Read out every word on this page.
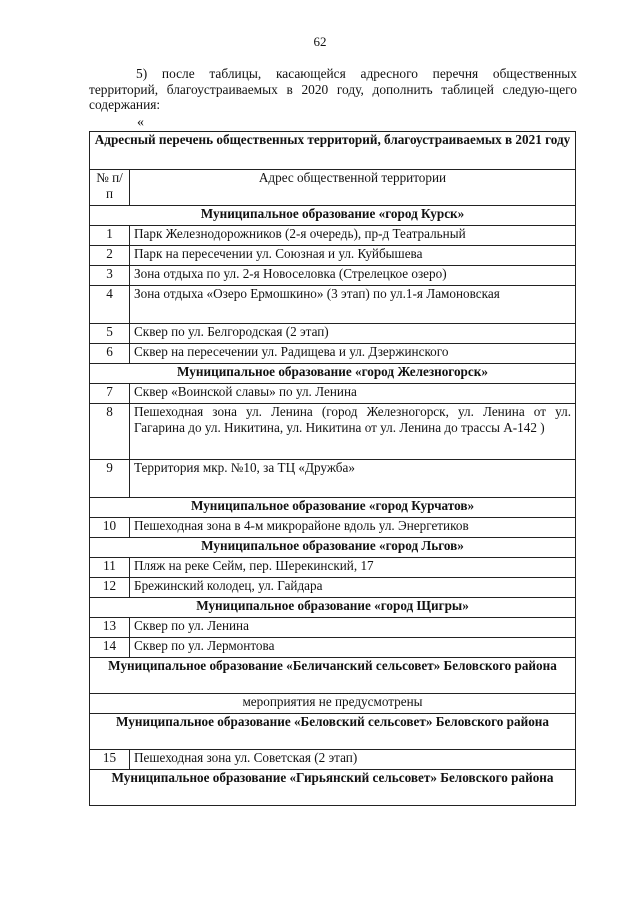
62

5) после таблицы, касающейся адресного перечня общественных территорий, благоустраиваемых в 2020 году, дополнить таблицей следую-щего содержания:

«
Адресный перечень общественных территорий, благоустраиваемых в 2021 году	
№ п/п	Адрес общественной территории
Муниципальное образование «город Курск»	
1	Парк Железнодорожников (2-я очередь), пр-д Театральный
2	Парк на пересечении ул. Союзная и ул. Куйбышева
3	Зона отдыха по ул. 2-я Новоселовка (Стрелецкое озеро)
4	Зона отдыха «Озеро Ермошкино» (3 этап) по ул.1-я Ламоновская
5	Сквер по ул. Белгородская (2 этап)
6	Сквер на пересечении ул. Радищева и ул. Дзержинского
Муниципальное образование «город Железногорск»	
7	Сквер «Воинской славы» по ул. Ленина
8	Пешеходная зона ул. Ленина (город Железногорск, ул. Ленина от ул. Гагарина до ул. Никитина, ул. Никитина от ул. Ленина до трассы А-142 )
9	Территория мкр. №10, за ТЦ «Дружба»
Муниципальное образование «город Курчатов»	
10	Пешеходная зона в 4-м микрорайоне вдоль ул. Энергетиков
Муниципальное образование «город Льгов»	
11	Пляж на реке Сейм, пер. Шерекинский, 17
12	Брежинский колодец, ул. Гайдара
Муниципальное образование «город Щигры»	
13	Сквер по ул. Ленина
14	Сквер по ул. Лермонтова
Муниципальное образование «Беличанский сельсовет» Беловского района	
мероприятия не предусмотрены	
Муниципальное образование «Беловский сельсовет» Беловского района	
15	Пешеходная зона ул. Советская (2 этап)
Муниципальное образование «Гирьянский сельсовет» Беловского района	
